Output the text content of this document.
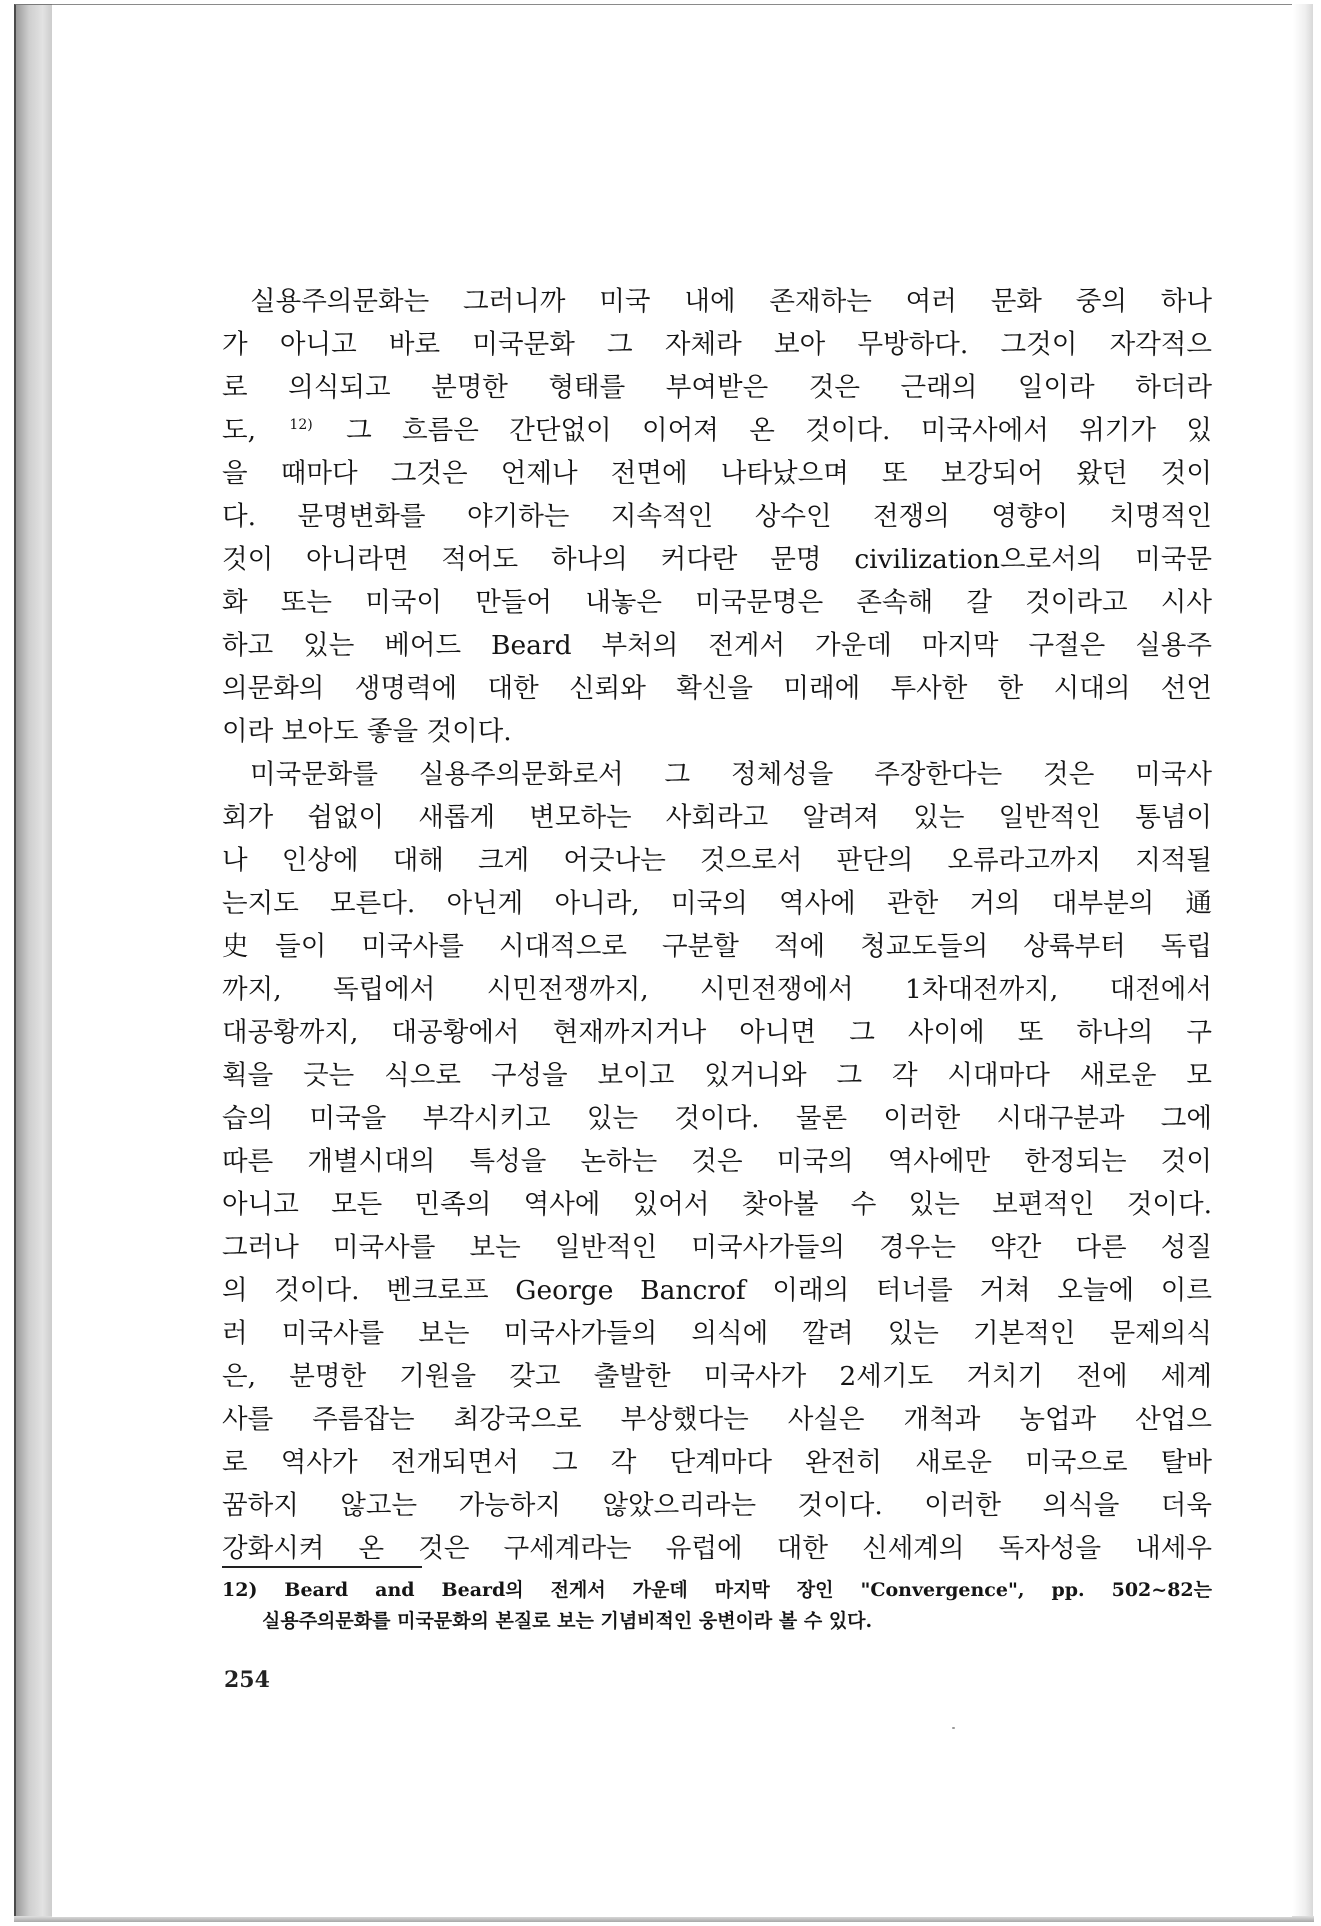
실용주의문화는 그러니까 미국 내에 존재하는 여러 문화 중의 하나
가 아니고 바로 미국문화 그 자체라 보아 무방하다. 그것이 자각적으
로 의식되고 분명한 형태를 부여받은 것은 근래의 일이라 하더라
도, $^{12)}$ 그 흐름은 간단없이 이어져 온 것이다. 미국사에서 위기가 있
을 때마다 그것은 언제나 전면에 나타났으며 또 보강되어 왔던 것이
다. 문명변화를 야기하는 지속적인 상수인 전쟁의 영향이 치명적인
것이 아니라면 적어도 하나의 커다란 문명 civilization으로서의 미국문
화 또는 미국이 만들어 내놓은 미국문명은 존속해 갈 것이라고 시사
하고 있는 베어드 Beard 부처의 전게서 가운데 마지막 구절은 실용주
의문화의 생명력에 대한 신뢰와 확신을 미래에 투사한 한 시대의 선언
이라 보아도 좋을 것이다.
미국문화를 실용주의문화로서 그 정체성을 주장한다는 것은 미국사
회가 쉼없이 새롭게 변모하는 사회라고 알려져 있는 일반적인 통념이
나 인상에 대해 크게 어긋나는 것으로서 판단의 오류라고까지 지적될
는지도 모른다. 아닌게 아니라, 미국의 역사에 관한 거의 대부분의 通
史들이 미국사를 시대적으로 구분할 적에 청교도들의 상륙부터 독립
까지, 독립에서 시민전쟁까지, 시민전쟁에서 1차대전까지, 대전에서
대공황까지, 대공황에서 현재까지거나 아니면 그 사이에 또 하나의 구
획을 긋는 식으로 구성을 보이고 있거니와 그 각 시대마다 새로운 모
습의 미국을 부각시키고 있는 것이다. 물론 이러한 시대구분과 그에
따른 개별시대의 특성을 논하는 것은 미국의 역사에만 한정되는 것이
아니고 모든 민족의 역사에 있어서 찾아볼 수 있는 보편적인 것이다.
그러나 미국사를 보는 일반적인 미국사가들의 경우는 약간 다른 성질
의 것이다. 벤크로프 George Bancrof 이래의 터너를 거쳐 오늘에 이르
러 미국사를 보는 미국사가들의 의식에 깔려 있는 기본적인 문제의식
은, 분명한 기원을 갖고 출발한 미국사가 2세기도 거치기 전에 세계
사를 주름잡는 최강국으로 부상했다는 사실은 개척과 농업과 산업으
로 역사가 전개되면서 그 각 단계마다 완전히 새로운 미국으로 탈바
꿈하지 않고는 가능하지 않았으리라는 것이다. 이러한 의식을 더욱
강화시켜 온 것은 구세계라는 유럽에 대한 신세계의 독자성을 내세우
12) Beard and Beard의 전게서 가운데 마지막 장인 "Convergence", pp. 502~82는
실용주의문화를 미국문화의 본질로 보는 기념비적인 웅변이라 볼 수 있다.
254
